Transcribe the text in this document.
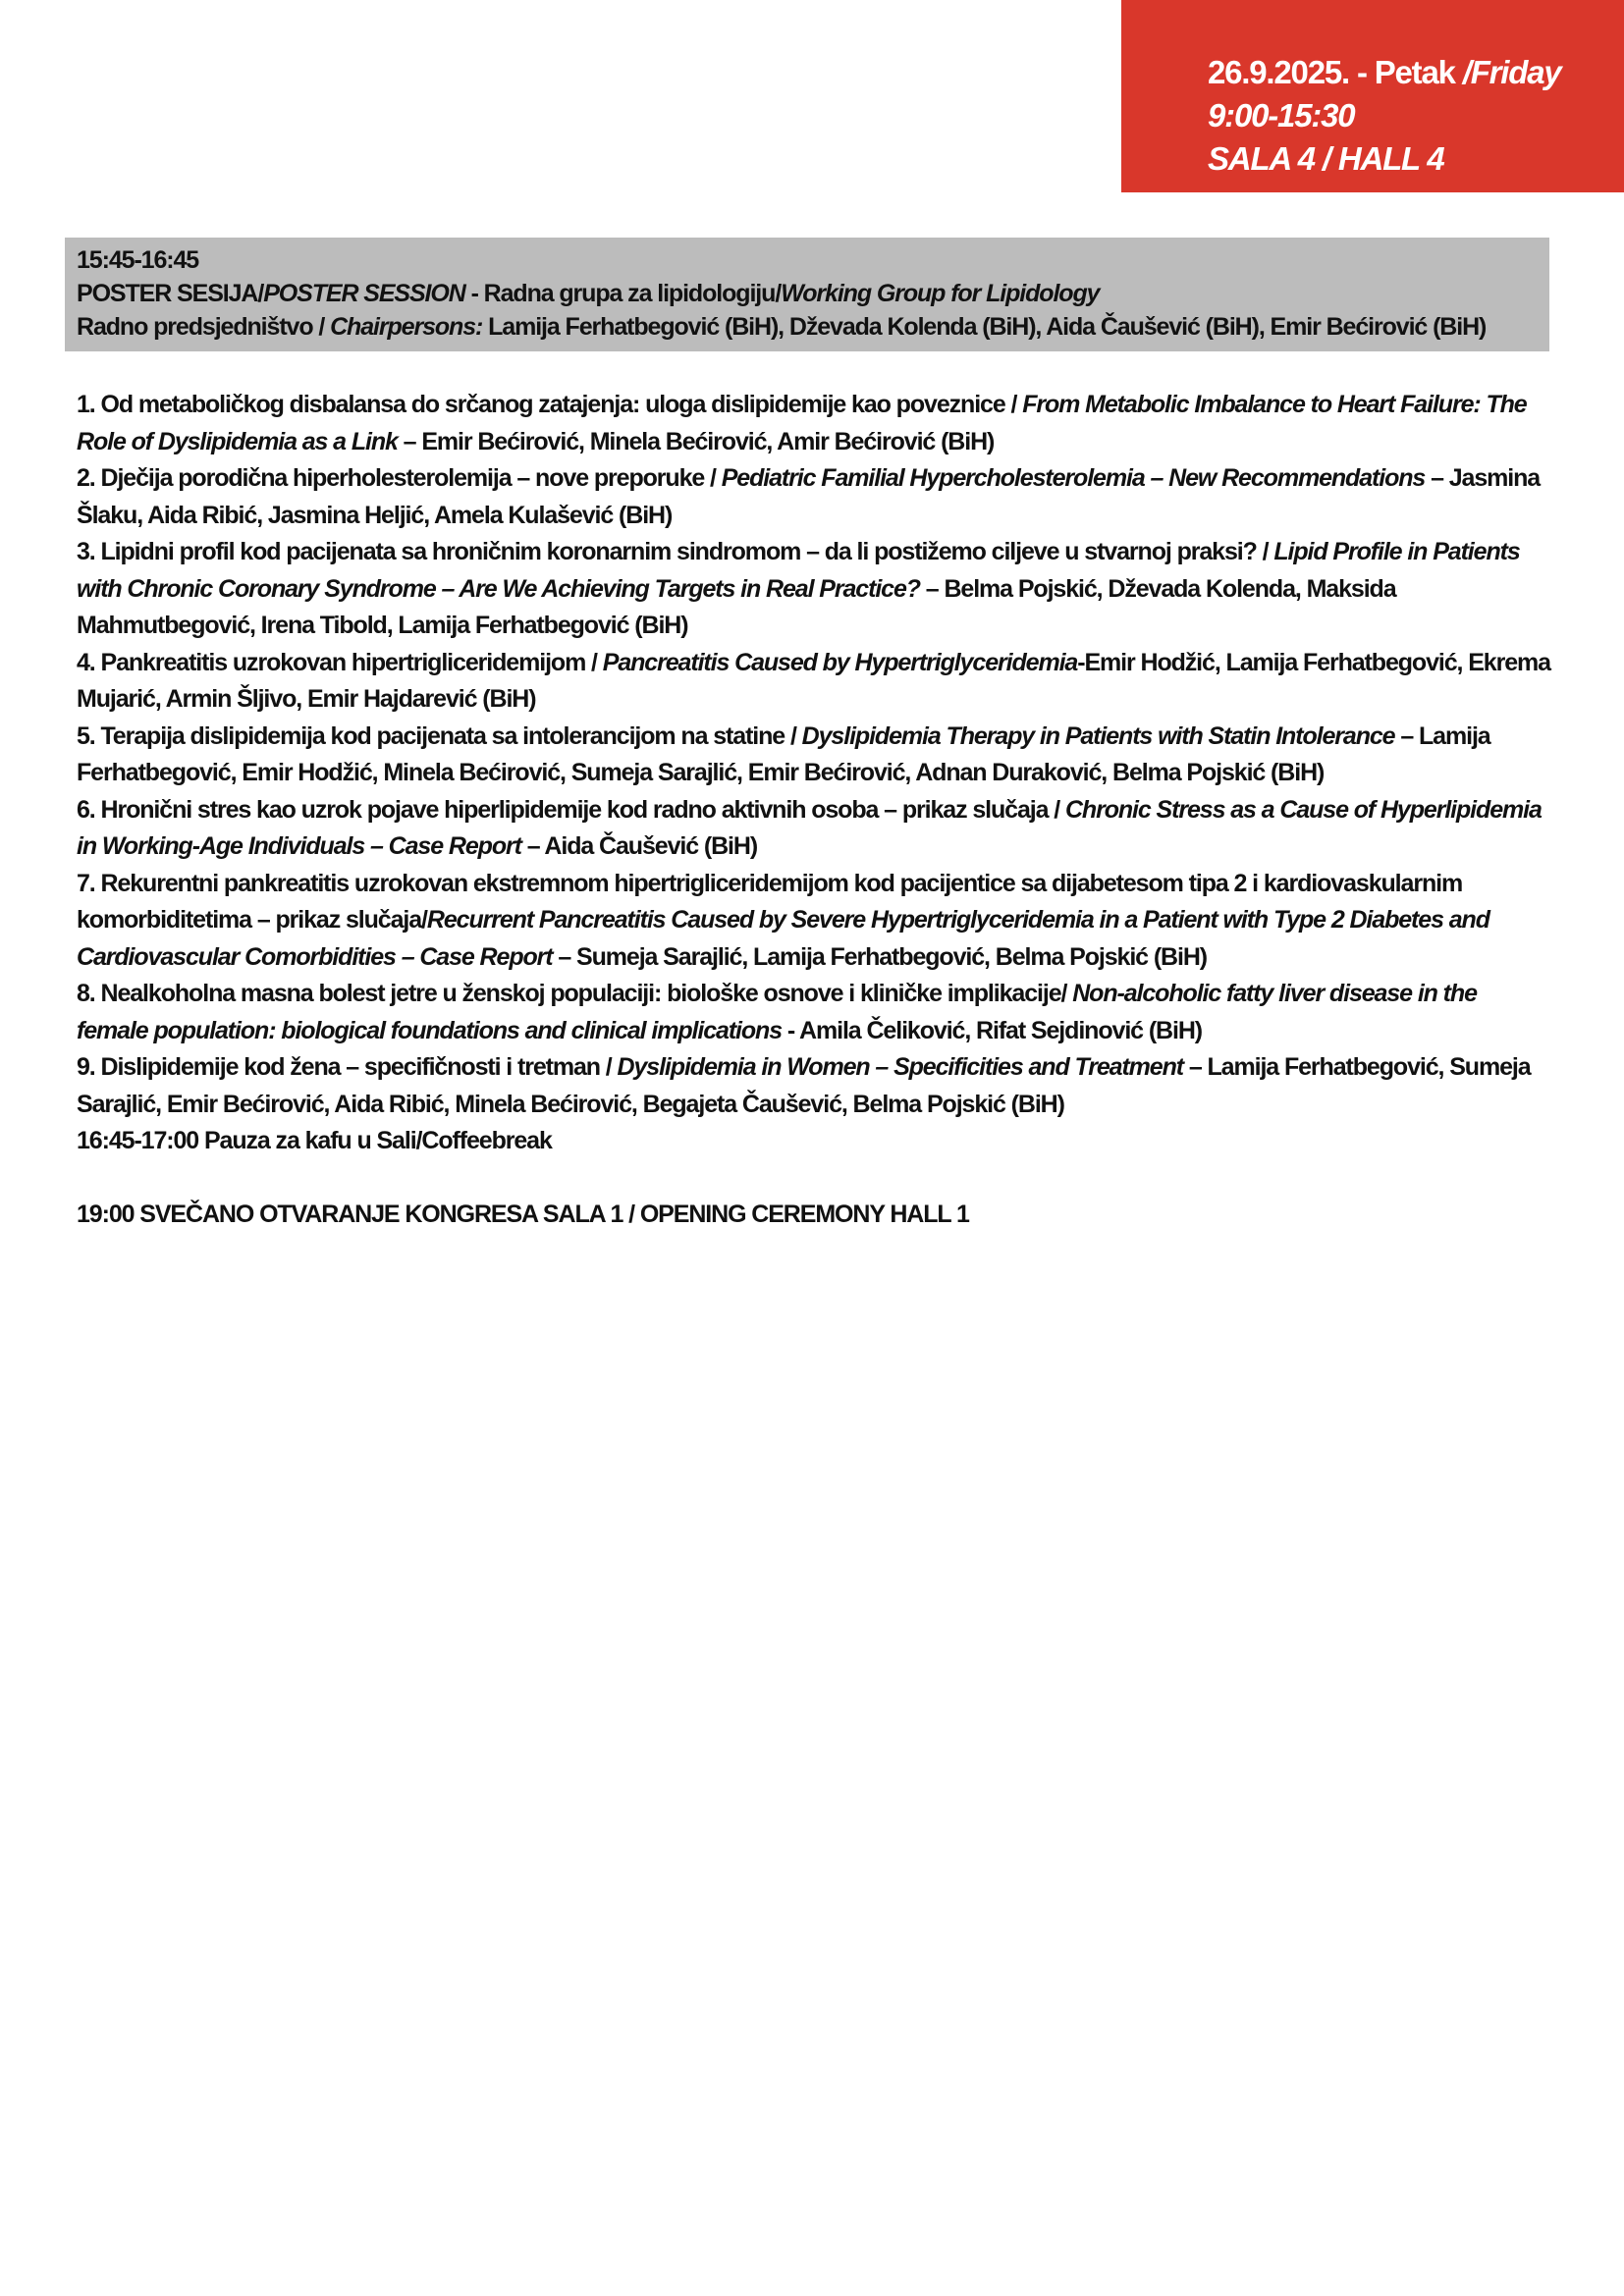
26.9.2025. - Petak /Friday
9:00-15:30
SALA 4 / HALL 4
15:45-16:45
POSTER SESIJA/POSTER SESSION - Radna grupa za lipidologiju/Working Group for Lipidology
Radno predsjedništvo / Chairpersons: Lamija Ferhatbegović (BiH), Dževada Kolenda (BiH), Aida Čaušević (BiH), Emir Bećirović (BiH)

1. Od metaboličkog disbalansa do srčanog zatajenja: uloga dislipidemije kao poveznice / From Metabolic Imbalance to Heart Failure: The Role of Dyslipidemia as a Link – Emir Bećirović, Minela Bećirović, Amir Bećirović (BiH)

2. Dječija porodična hiperholesterolemija – nove preporuke / Pediatric Familial Hypercholesterolemia – New Recommendations – Jasmina Šlaku, Aida Ribić, Jasmina Heljić, Amela Kulašević (BiH)

3. Lipidni profil kod pacijenata sa hroničnim koronarnim sindromom – da li postižemo ciljeve u stvarnoj praksi? / Lipid Profile in Patients with Chronic Coronary Syndrome – Are We Achieving Targets in Real Practice? – Belma Pojskić, Dževada Kolenda, Maksida Mahmutbegović, Irena Tibold, Lamija Ferhatbegović (BiH)

4. Pankreatitis uzrokovan hipertrigliceridemijom / Pancreatitis Caused by Hypertriglyceridemia-Emir Hodžić, Lamija Ferhatbegović, Ekrema Mujarić, Armin Šljivo, Emir Hajdarević (BiH)

5. Terapija dislipidemija kod pacijenata sa intolerancijom na statine / Dyslipidemia Therapy in Patients with Statin Intolerance – Lamija Ferhatbegović, Emir Hodžić, Minela Bećirović, Sumeja Sarajlić, Emir Bećirović, Adnan Duraković, Belma Pojskić (BiH)

6. Hronični stres kao uzrok pojave hiperlipidemije kod radno aktivnih osoba – prikaz slučaja / Chronic Stress as a Cause of Hyperlipidemia in Working-Age Individuals – Case Report – Aida Čaušević (BiH)

7. Rekurentni pankreatitis uzrokovan ekstremnom hipertrigliceridemijom kod pacijentice sa dijabetesom tipa 2 i kardiovaskularnim komorbiditetima – prikaz slučaja/Recurrent Pancreatitis Caused by Severe Hypertriglyceridemia in a Patient with Type 2 Diabetes and Cardiovascular Comorbidities – Case Report – Sumeja Sarajlić, Lamija Ferhatbegović, Belma Pojskić (BiH)

8. Nealkoholna masna bolest jetre u ženskoj populaciji: biološke osnove i kliničke implikacije/ Non-alcoholic fatty liver disease in the female population: biological foundations and clinical implications - Amila Čeliković, Rifat Sejdinović (BiH)

9. Dislipidemije kod žena – specifičnosti i tretman / Dyslipidemia in Women – Specificities and Treatment – Lamija Ferhatbegović, Sumeja Sarajlić, Emir Bećirović, Aida Ribić, Minela Bećirović, Begajeta Čaušević, Belma Pojskić (BiH)

16:45-17:00 Pauza za kafu u Sali/Coffeebreak

19:00 SVEČANO OTVARANJE KONGRESA SALA 1 / OPENING CEREMONY HALL 1
